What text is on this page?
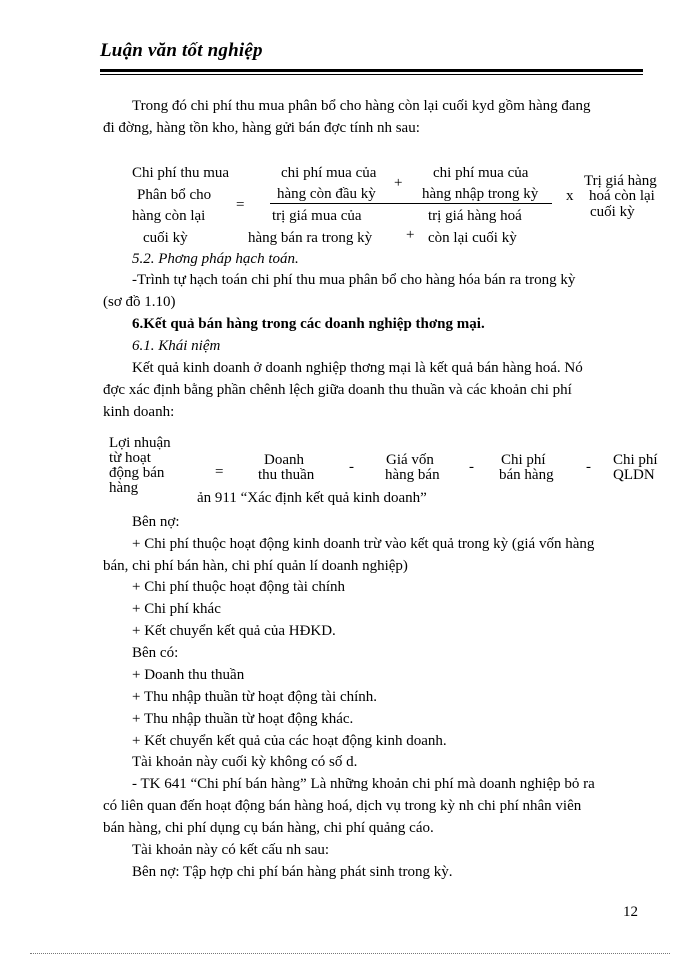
Luận văn tốt nghiệp
Trong đó chi phí thu mua phân bổ cho hàng còn lại cuối kyd gồm hàng đang
đi đờng, hàng tồn kho, hàng gửi bán đợc tính nh sau:
Chi phí thu mua
Phân bổ cho
hàng còn lại
cuối kỳ
=
chi phí mua của
hàng còn đầu kỳ
+
chi phí mua của
hàng nhập trong kỳ
trị giá mua của
hàng bán ra trong kỳ +
trị giá hàng hoá
còn lại cuối kỳ
x
Trị giá hàng
hoá còn lại
cuối kỳ
5.2. Phơng pháp hạch toán.
-Trình tự hạch toán chi phí thu mua phân bổ cho hàng hóa bán ra trong kỳ
(sơ đồ 1.10)
6.Kết quả bán hàng trong các doanh nghiệp thơng mại.
6.1. Khái niệm
Kết quả kinh doanh ở doanh nghiệp thơng mại là kết quả bán hàng hoá. Nó
đợc xác định bằng phần chênh lệch giữa doanh thu thuần và các khoản chi phí
kinh doanh:
Lợi nhuận
từ hoạt
động bán
hàng
=
Doanh
thu thuần - Giá vốn
hàng bán - Chi phí
bán hàng - Chi phí
QLDN
ản 911 “Xác định kết quả kinh doanh”
Bên nợ:
+ Chi phí thuộc hoạt động kinh doanh trừ vào kết quả trong kỳ (giá vốn hàng
bán, chi phí bán hàn, chi phí quản lí doanh nghiệp)
+ Chi phí thuộc hoạt động tài chính
+ Chi phí khác
+ Kết chuyển kết quả của HĐKD.
Bên có:
+ Doanh thu thuần
+ Thu nhập thuần từ hoạt động tài chính.
+ Thu nhập thuần từ hoạt động khác.
+ Kết chuyển kết quả của các hoạt động kinh doanh.
Tài khoản này cuối kỳ không có số d.
- TK 641 “Chi phí bán hàng” Là những khoản chi phí mà doanh nghiệp bỏ ra
có liên quan đến hoạt động bán hàng hoá, dịch vụ trong kỳ nh chi phí nhân viên
bán hàng, chi phí dụng cụ bán hàng, chi phí quảng cáo.
Tài khoản này có kết cấu nh sau:
Bên nợ: Tập hợp chi phí bán hàng phát sinh trong kỳ.
12
